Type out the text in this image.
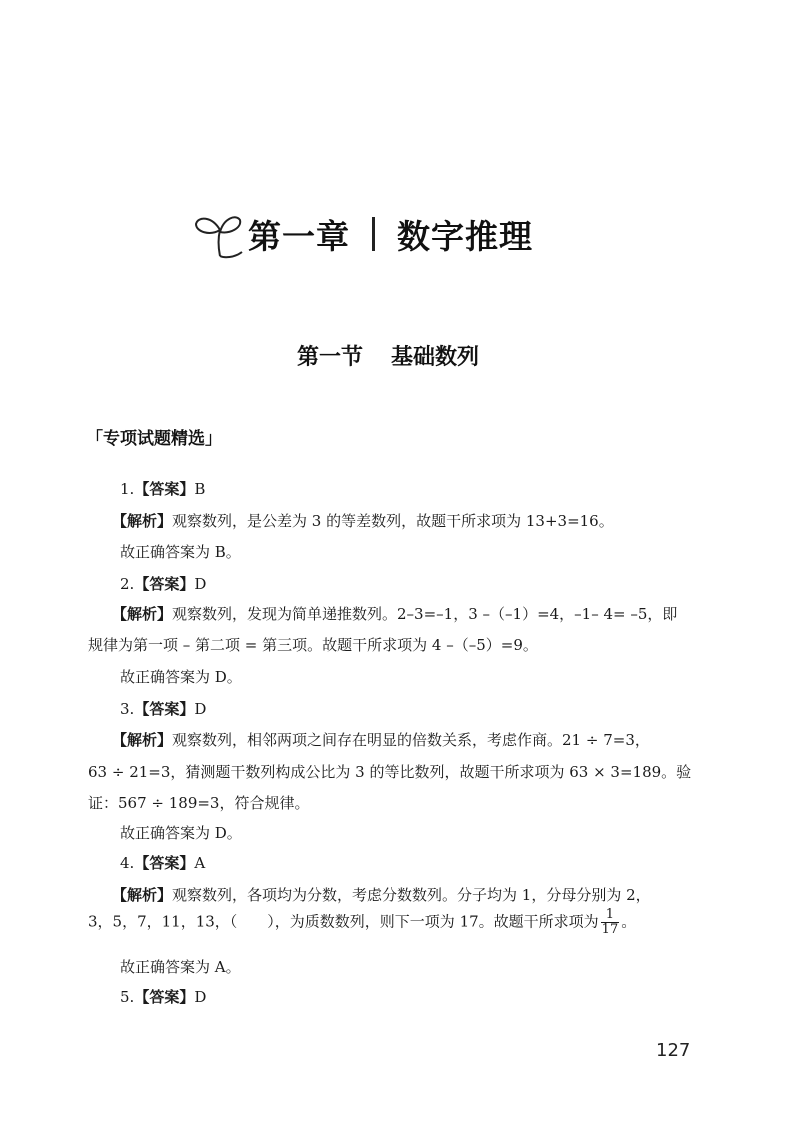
第一章 数字推理
第一节 基础数列
「专项试题精选」
1.【答案】B
【解析】观察数列，是公差为 3 的等差数列，故题干所求项为 13+3=16。
故正确答案为 B。
2.【答案】D
【解析】观察数列，发现为简单递推数列。2–3=–1，3 –（–1）=4，–1– 4= –5，即
规律为第一项 – 第二项 = 第三项。故题干所求项为 4 –（–5）=9。
故正确答案为 D。
3.【答案】D
【解析】观察数列，相邻两项之间存在明显的倍数关系，考虑作商。21 ÷ 7=3，
63 ÷ 21=3，猜测题干数列构成公比为 3 的等比数列，故题干所求项为 63 × 3=189。验
证：567 ÷ 189=3，符合规律。
故正确答案为 D。
4.【答案】A
【解析】观察数列，各项均为分数，考虑分数数列。分子均为 1，分母分别为 2，
3，5，7，11，13，（　　），为质数数列，则下一项为 17。故题干所求项为 $\frac{1}{17}$ 。
故正确答案为 A。
5.【答案】D
127
